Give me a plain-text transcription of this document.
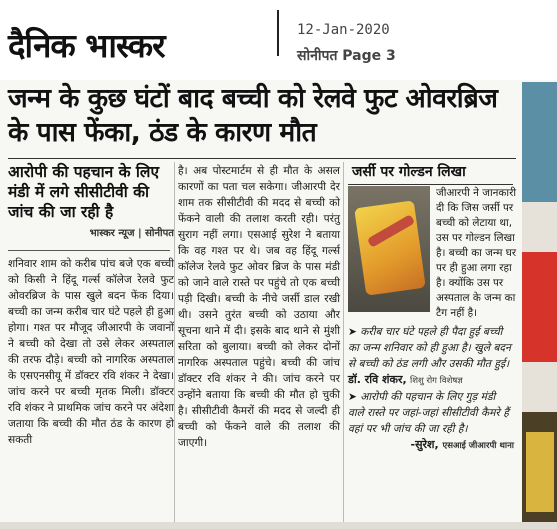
दैनिक भास्कर	12-Jan-2020
सोनीपत Page 3
जन्म के कुछ घंटों बाद बच्ची को रेलवे फुट ओवरब्रिज के पास फेंका, ठंड के कारण मौत
आरोपी की पहचान के लिए मंडी में लगे सीसीटीवी की जांच की जा रही है
भास्कर न्यूज | सोनीपत
शनिवार शाम को करीब पांच बजे एक बच्ची को किसी ने हिंदू गर्ल्स कॉलेज रेलवे फुट ओवरब्रिज के पास खुले बदन फेंक दिया। बच्ची का जन्म करीब चार घंटे पहले ही हुआ होगा। गश्त पर मौजूद जीआरपी के जवानों ने बच्ची को देखा तो उसे लेकर अस्पताल की तरफ दौड़े। बच्ची को नागरिक अस्पताल के एसएनसीयू में डॉक्टर रवि शंकर ने देखा। जांच करने पर बच्ची मृतक मिली। डॉक्टर रवि शंकर ने प्राथमिक जांच करने पर अंदेशा जताया कि बच्ची की मौत ठंड के कारण हो सकती
है। अब पोस्टमार्टम से ही मौत के असल कारणों का पता चल सकेगा। जीआरपी देर शाम तक सीसीटीवी की मदद से बच्ची को फेंकने वाली की तलाश करती रही। परंतु सुराग नहीं लगा। एसआई सुरेश ने बताया कि वह गश्त पर थे। जब वह हिंदू गर्ल्स कॉलेज रेलवे फुट ओवर ब्रिज के पास मंडी को जाने वाले रास्ते पर पहुंचे तो एक बच्ची पड़ी दिखी। बच्ची के नीचे जर्सी डाल रखी थी। उसने तुरंत बच्ची को उठाया और सूचना थाने में दी। इसके बाद थाने से मुंशी सरिता को बुलाया। बच्ची को लेकर दोनों नागरिक अस्पताल पहुंचे। बच्ची की जांच डॉक्टर रवि शंकर ने की। जांच करने पर उन्होंने बताया कि बच्ची की मौत हो चुकी है। सीसीटीवी कैमरों की मदद से जल्दी ही बच्ची को फेंकने वाले की तलाश की जाएगी।
जर्सी पर गोल्डन लिखा
जीआरपी ने जानकारी दी कि जिस जर्सी पर बच्ची को लेटाया था, उस पर गोल्डन लिखा है। बच्ची का जन्म घर पर ही हुआ लगा रहा है। क्योंकि उस पर अस्पताल के जन्म का टैग नहीं है।
➤ करीब चार घंटे पहले ही पैदा हुई बच्ची का जन्म शनिवार को ही हुआ है। खुले बदन से बच्ची को ठंड लगी और उसकी मौत हुई।
डॉ. रवि शंकर, शिशु रोग विशेषज्ञ
➤ आरोपी की पहचान के लिए गुड़ मंडी वाले रास्ते पर जहां-जहां सीसीटीवी कैमरे हैं वहां पर भी जांच की जा रही है।
-सुरेश, एसआई जीआरपी थाना
